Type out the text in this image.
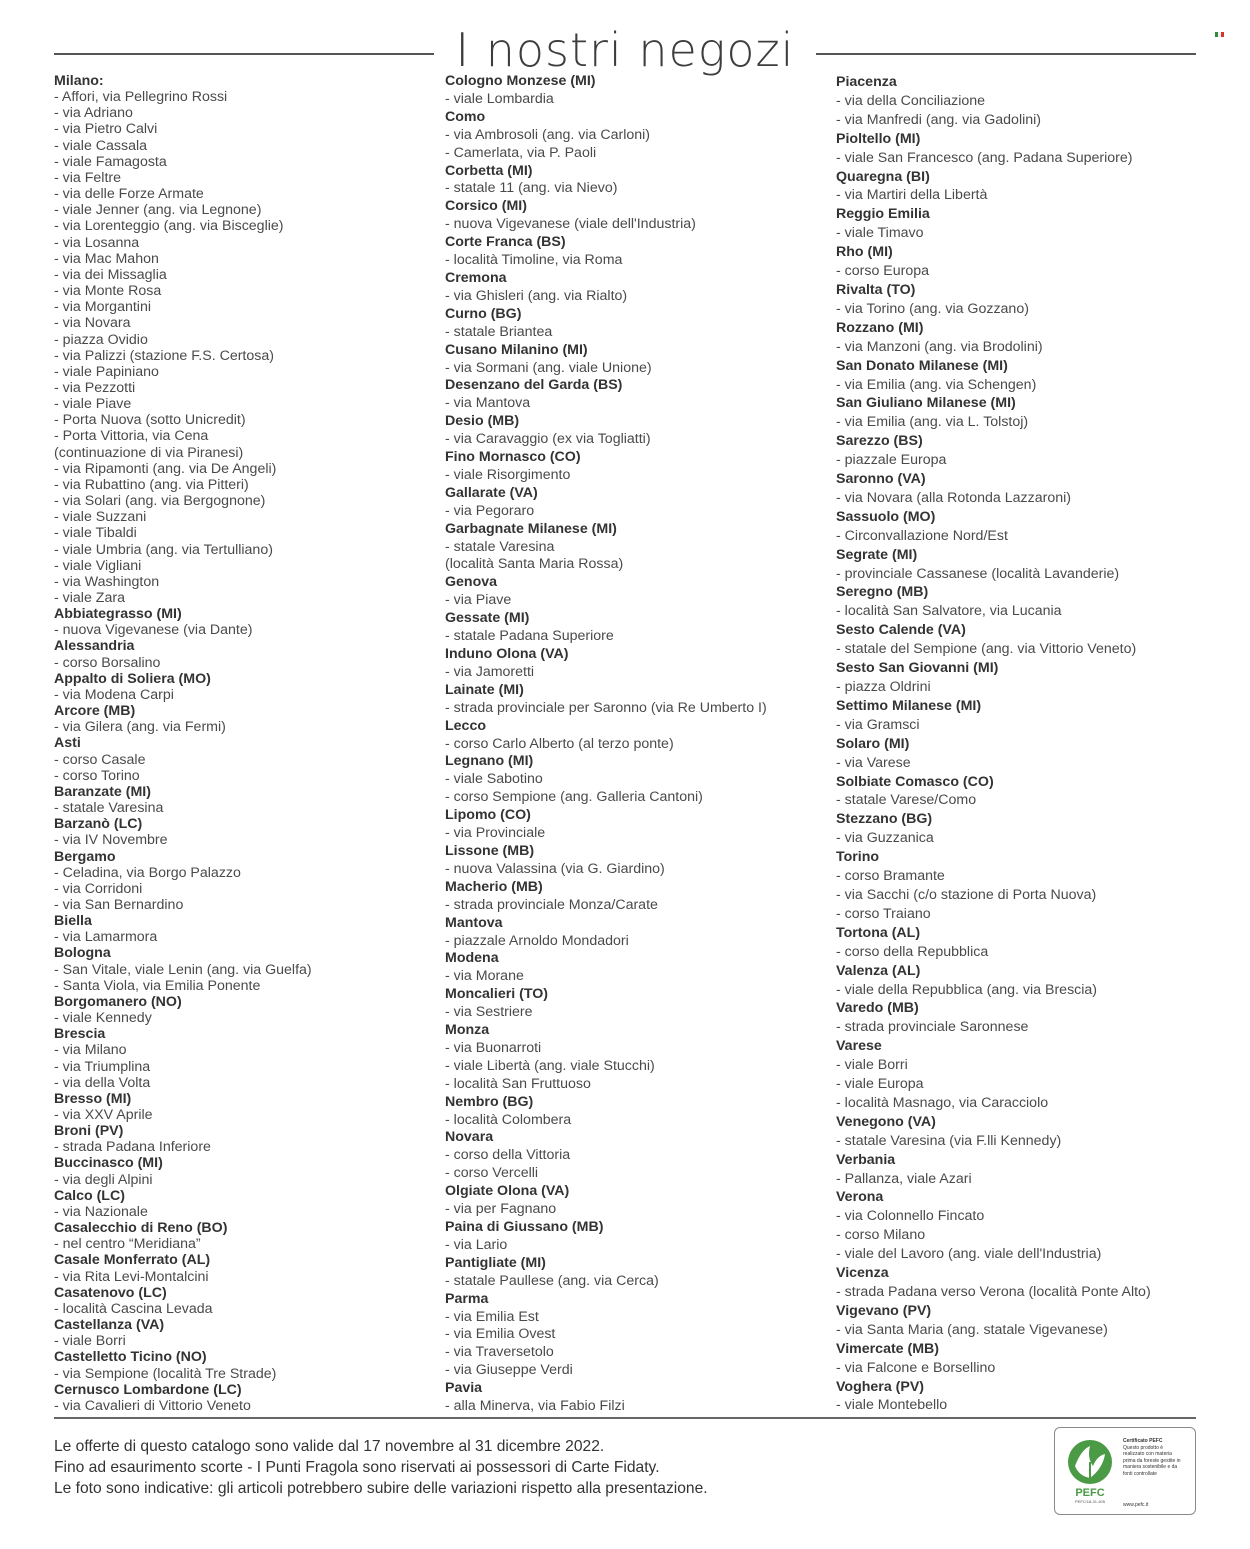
I nostri negozi
Milano:
- Affori, via Pellegrino Rossi
- via Adriano
- via Pietro Calvi
- viale Cassala
- viale Famagosta
- via Feltre
- via delle Forze Armate
- viale Jenner (ang. via Legnone)
- via Lorenteggio (ang. via Bisceglie)
- via Losanna
- via Mac Mahon
- via dei Missaglia
- via Monte Rosa
- via Morgantini
- via Novara
- piazza Ovidio
- via Palizzi (stazione F.S. Certosa)
- viale Papiniano
- via Pezzotti
- viale Piave
- Porta Nuova (sotto Unicredit)
- Porta Vittoria, via Cena
(continuazione di via Piranesi)
- via Ripamonti (ang. via De Angeli)
- via Rubattino (ang. via Pitteri)
- via Solari (ang. via Bergognone)
- viale Suzzani
- viale Tibaldi
- viale Umbria (ang. via Tertulliano)
- viale Vigliani
- via Washington
- viale Zara
Abbiategrasso (MI)
- nuova Vigevanese (via Dante)
Alessandria
- corso Borsalino
Appalto di Soliera (MO)
- via Modena Carpi
Arcore (MB)
- via Gilera (ang. via Fermi)
Asti
- corso Casale
- corso Torino
Baranzate (MI)
- statale Varesina
Barzanò (LC)
- via IV Novembre
Bergamo
- Celadina, via Borgo Palazzo
- via Corridoni
- via San Bernardino
Biella
- via Lamarmora
Bologna
- San Vitale, viale Lenin (ang. via Guelfa)
- Santa Viola, via Emilia Ponente
Borgomanero (NO)
- viale Kennedy
Brescia
- via Milano
- via Triumplina
- via della Volta
Bresso (MI)
- via XXV Aprile
Broni (PV)
- strada Padana Inferiore
Buccinasco (MI)
- via degli Alpini
Calco (LC)
- via Nazionale
Casalecchio di Reno (BO)
- nel centro “Meridiana”
Casale Monferrato (AL)
- via Rita Levi-Montalcini
Casatenovo (LC)
- località Cascina Levada
Castellanza (VA)
- viale Borri
Castelletto Ticino (NO)
- via Sempione (località Tre Strade)
Cernusco Lombardone (LC)
- via Cavalieri di Vittorio Veneto
Cologno Monzese (MI)
- viale Lombardia
Como
- via Ambrosoli (ang. via Carloni)
- Camerlata, via P. Paoli
Corbetta (MI)
- statale 11 (ang. via Nievo)
Corsico (MI)
- nuova Vigevanese (viale dell'Industria)
Corte Franca (BS)
- località Timoline, via Roma
Cremona
- via Ghisleri (ang. via Rialto)
Curno (BG)
- statale Briantea
Cusano Milanino (MI)
- via Sormani (ang. viale Unione)
Desenzano del Garda (BS)
- via Mantova
Desio (MB)
- via Caravaggio (ex via Togliatti)
Fino Mornasco (CO)
- viale Risorgimento
Gallarate (VA)
- via Pegoraro
Garbagnate Milanese (MI)
- statale Varesina
(località Santa Maria Rossa)
Genova
- via Piave
Gessate (MI)
- statale Padana Superiore
Induno Olona (VA)
- via Jamoretti
Lainate (MI)
- strada provinciale per Saronno (via Re Umberto I)
Lecco
- corso Carlo Alberto (al terzo ponte)
Legnano (MI)
- viale Sabotino
- corso Sempione (ang. Galleria Cantoni)
Lipomo (CO)
- via Provinciale
Lissone (MB)
- nuova Valassina (via G. Giardino)
Macherio (MB)
- strada provinciale Monza/Carate
Mantova
- piazzale Arnoldo Mondadori
Modena
- via Morane
Moncalieri (TO)
- via Sestriere
Monza
- via Buonarroti
- viale Libertà (ang. viale Stucchi)
- località San Fruttuoso
Nembro (BG)
- località Colombera
Novara
- corso della Vittoria
- corso Vercelli
Olgiate Olona (VA)
- via per Fagnano
Paina di Giussano (MB)
- via Lario
Pantigliate (MI)
- statale Paullese (ang. via Cerca)
Parma
- via Emilia Est
- via Emilia Ovest
- via Traversetolo
- via Giuseppe Verdi
Pavia
- alla Minerva, via Fabio Filzi
Piacenza
- via della Conciliazione
- via Manfredi (ang. via Gadolini)
Pioltello (MI)
- viale San Francesco (ang. Padana Superiore)
Quaregna (BI)
- via Martiri della Libertà
Reggio Emilia
- viale Timavo
Rho (MI)
- corso Europa
Rivalta (TO)
- via Torino (ang. via Gozzano)
Rozzano (MI)
- via Manzoni (ang. via Brodolini)
San Donato Milanese (MI)
- via Emilia (ang. via Schengen)
San Giuliano Milanese (MI)
- via Emilia (ang. via L. Tolstoj)
Sarezzo (BS)
- piazzale Europa
Saronno (VA)
- via Novara (alla Rotonda Lazzaroni)
Sassuolo (MO)
- Circonvallazione Nord/Est
Segrate (MI)
- provinciale Cassanese (località Lavanderie)
Seregno (MB)
- località San Salvatore, via Lucania
Sesto Calende (VA)
- statale del Sempione (ang. via Vittorio Veneto)
Sesto San Giovanni (MI)
- piazza Oldrini
Settimo Milanese (MI)
- via Gramsci
Solaro (MI)
- via Varese
Solbiate Comasco (CO)
- statale Varese/Como
Stezzano (BG)
- via Guzzanica
Torino
- corso Bramante
- via Sacchi (c/o stazione di Porta Nuova)
- corso Traiano
Tortona (AL)
- corso della Repubblica
Valenza (AL)
- viale della Repubblica (ang. via Brescia)
Varedo (MB)
- strada provinciale Saronnese
Varese
- viale Borri
- viale Europa
- località Masnago, via Caracciolo
Venegono (VA)
- statale Varesina (via F.lli Kennedy)
Verbania
- Pallanza, viale Azari
Verona
- via Colonnello Fincato
- corso Milano
- viale del Lavoro (ang. viale dell'Industria)
Vicenza
- strada Padana verso Verona (località Ponte Alto)
Vigevano (PV)
- via Santa Maria (ang. statale Vigevanese)
Vimercate (MB)
- via Falcone e Borsellino
Voghera (PV)
- viale Montebello
Le offerte di questo catalogo sono valide dal 17 novembre al 31 dicembre 2022.
Fino ad esaurimento scorte - I Punti Fragola sono riservati ai possessori di Carte Fidaty.
Le foto sono indicative: gli articoli potrebbero subire delle variazioni rispetto alla presentazione.	PEFC
PEFC/18-31-405
Certificato PEFC
Questo prodotto è
realizzato con materia
prima da foreste gestite in
maniera sostenibile e da
fonti controllate
www.pefc.it
